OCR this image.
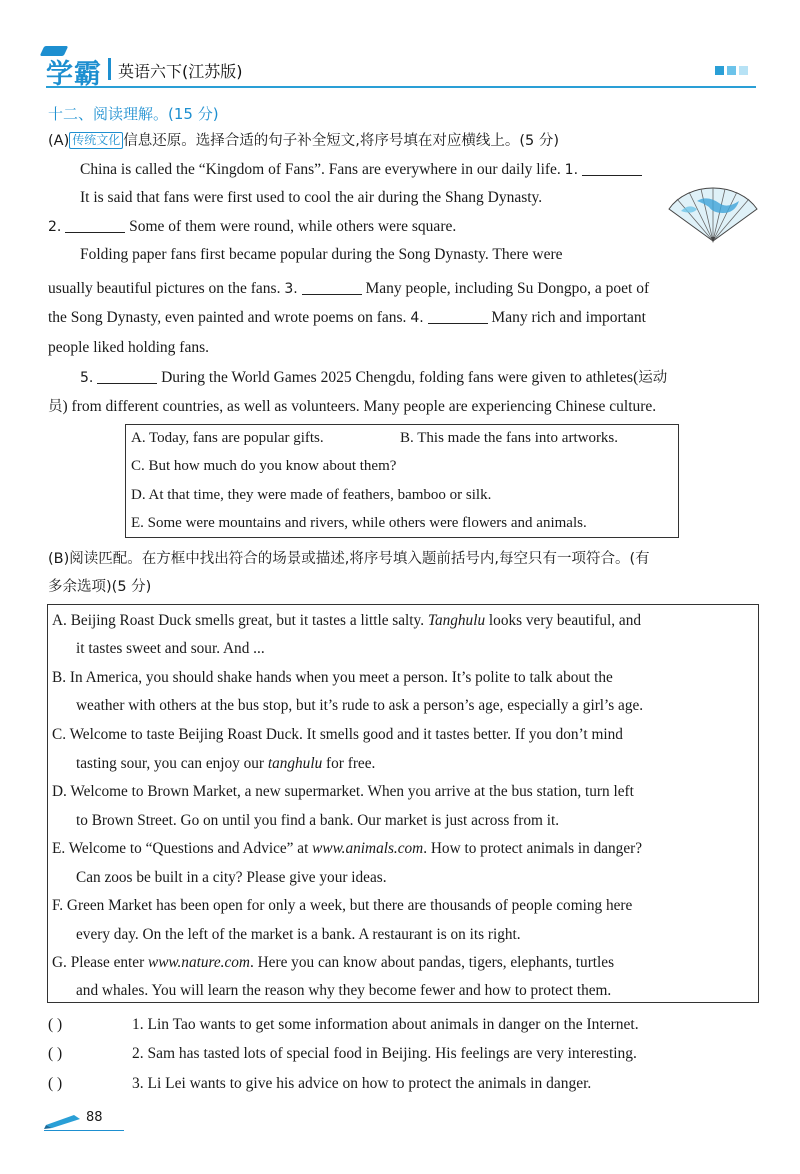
学霸 英语六下(江苏版)
十二、阅读理解。(15 分)
(A) 传统文化 信息还原。选择合适的句子补全短文,将序号填在对应横线上。(5 分)
China is called the “Kingdom of Fans”. Fans are everywhere in our daily life. 1.
It is said that fans were first used to cool the air during the Shang Dynasty.
2.	Some of them were round, while others were square.
Folding paper fans first became popular during the Song Dynasty. There were
usually beautiful pictures on the fans. 3.	Many people, including Su Dongpo, a poet of
the Song Dynasty, even painted and wrote poems on fans. 4.	Many rich and important
people liked holding fans.
5.	During the World Games 2025 Chengdu, folding fans were given to athletes(运动
员) from different countries, as well as volunteers. Many people are experiencing Chinese culture.
A. Today, fans are popular gifts.	B. This made the fans into artworks.
C. But how much do you know about them?
D. At that time, they were made of feathers, bamboo or silk.
E. Some were mountains and rivers, while others were flowers and animals.
(B)阅读匹配。在方框中找出符合的场景或描述,将序号填入题前括号内,每空只有一项符合。(有
多余选项)(5 分)
A. Beijing Roast Duck smells great, but it tastes a little salty. Tanghulu looks very beautiful, and
it tastes sweet and sour. And ...
B. In America, you should shake hands when you meet a person. It’s polite to talk about the
weather with others at the bus stop, but it’s rude to ask a person’s age, especially a girl’s age.
C. Welcome to taste Beijing Roast Duck. It smells good and it tastes better. If you don’t mind
tasting sour, you can enjoy our tanghulu for free.
D. Welcome to Brown Market, a new supermarket. When you arrive at the bus station, turn left
to Brown Street. Go on until you find a bank. Our market is just across from it.
E. Welcome to “Questions and Advice” at www.animals.com. How to protect animals in danger?
Can zoos be built in a city? Please give your ideas.
F. Green Market has been open for only a week, but there are thousands of people coming here
every day. On the left of the market is a bank. A restaurant is on its right.
G. Please enter www.nature.com. Here you can know about pandas, tigers, elephants, turtles
and whales. You will learn the reason why they become fewer and how to protect them.
( )	1. Lin Tao wants to get some information about animals in danger on the Internet.
( )	2. Sam has tasted lots of special food in Beijing. His feelings are very interesting.
( )	3. Li Lei wants to give his advice on how to protect the animals in danger.
88
